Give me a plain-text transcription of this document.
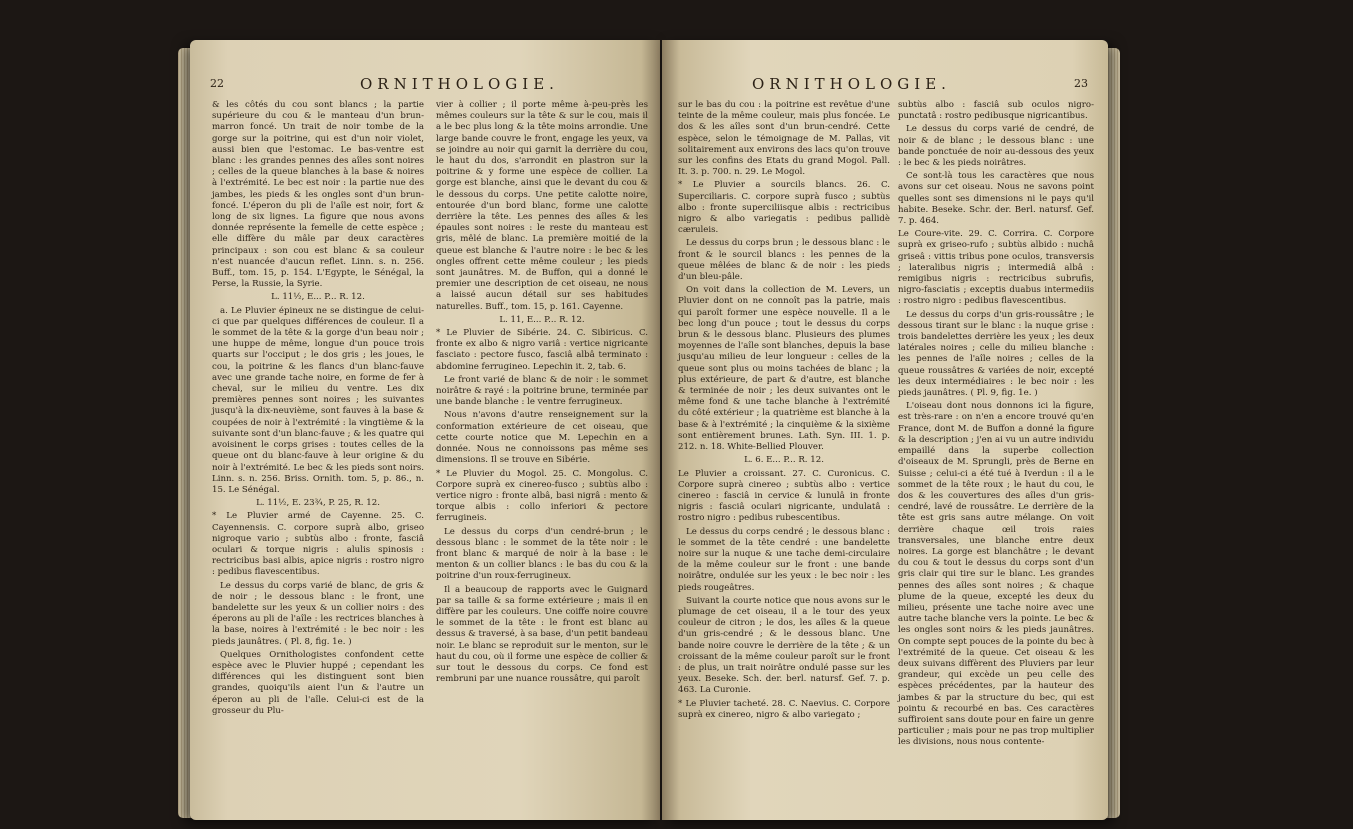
22	ORNITHOLOGIE.

& les côtés du cou sont blancs ; la partie supérieure du cou & le manteau d'un brun-marron foncé. Un trait de noir tombe de la gorge sur la poitrine, qui est d'un noir violet, aussi bien que l'estomac. Le bas-ventre est blanc : les grandes pennes des aîles sont noires ; celles de la queue blanches à la base & noires à l'extrémité. Le bec est noir : la partie nue des jambes, les pieds & les ongles sont d'un brun-foncé. L'éperon du pli de l'aîle est noir, fort & long de six lignes. La figure que nous avons donnée représente la femelle de cette espèce ; elle diffère du mâle par deux caractères principaux : son cou est blanc & sa couleur n'est nuancée d'aucun reflet. Linn. s. n. 256. Buff., tom. 15, p. 154. L'Egypte, le Sénégal, la Perse, la Russie, la Syrie.

L. 11½, E... P... R. 12.

a. Le Pluvier épineux ne se distingue de celui-ci que par quelques différences de couleur. Il a le sommet de la tête & la gorge d'un beau noir ; une huppe de même, longue d'un pouce trois quarts sur l'occiput ; le dos gris ; les joues, le cou, la poitrine & les flancs d'un blanc-fauve avec une grande tache noire, en forme de fer à cheval, sur le milieu du ventre. Les dix premières pennes sont noires ; les suivantes jusqu'à la dix-neuvième, sont fauves à la base & coupées de noir à l'extrémité : la vingtième & la suivante sont d'un blanc-fauve ; & les quatre qui avoisinent le corps grises : toutes celles de la queue ont du blanc-fauve à leur origine & du noir à l'extrémité. Le bec & les pieds sont noirs. Linn. s. n. 256. Briss. Ornith. tom. 5, p. 86., n. 15. Le Sénégal.

L. 11½, E. 23¾, P. 25, R. 12.

* Le Pluvier armé de Cayenne. 25. C. Cayennensis. C. corpore suprà albo, griseo nigroque vario ; subtùs albo : fronte, fasciâ oculari & torque nigris : alulis spinosis : rectricibus basi albis, apice nigris : rostro nigro : pedibus flavescentibus.

Le dessus du corps varié de blanc, de gris & de noir ; le dessous blanc : le front, une bandelette sur les yeux & un collier noirs : des éperons au pli de l'aîle : les rectrices blanches à la base, noires à l'extrémité : le bec noir : les pieds jaunâtres. ( Pl. 8, fig. 1e. )

Quelques Ornithologistes confondent cette espèce avec le Pluvier huppé ; cependant les différences qui les distinguent sont bien grandes, quoiqu'ils aient l'un & l'autre un éperon au pli de l'aîle. Celui-ci est de la grosseur du Plu-

vier à collier ; il porte même à-peu-près les mêmes couleurs sur la tête & sur le cou, mais il a le bec plus long & la tête moins arrondie. Une large bande couvre le front, engage les yeux, va se joindre au noir qui garnit la derrière du cou, le haut du dos, s'arrondit en plastron sur la poitrine & y forme une espèce de collier. La gorge est blanche, ainsi que le devant du cou & le dessous du corps. Une petite calotte noire, entourée d'un bord blanc, forme une calotte derrière la tête. Les pennes des aîles & les épaules sont noires : le reste du manteau est gris, mêlé de blanc. La première moitié de la queue est blanche & l'autre noire : le bec & les ongles offrent cette même couleur ; les pieds sont jaunâtres. M. de Buffon, qui a donné le premier une description de cet oiseau, ne nous a laissé aucun détail sur ses habitudes naturelles. Buff., tom. 15, p. 161. Cayenne.

L. 11, E... P... R. 12.

* Le Pluvier de Sibérie. 24. C. Sibiricus. C. fronte ex albo & nigro variâ : vertice nigricante fasciato : pectore fusco, fasciâ albâ terminato : abdomine ferrugineo. Lepechin it. 2, tab. 6.

Le front varié de blanc & de noir : le sommet noirâtre & rayé : la poitrine brune, terminée par une bande blanche : le ventre ferrugineux.

Nous n'avons d'autre renseignement sur la conformation extérieure de cet oiseau, que cette courte notice que M. Lepechin en a donnée. Nous ne connoissons pas même ses dimensions. Il se trouve en Sibérie.

* Le Pluvier du Mogol. 25. C. Mongolus. C. Corpore suprà ex cinereo-fusco ; subtùs albo : vertice nigro : fronte albâ, basi nigrâ : mento & torque albis : collo inferiori & pectore ferrugineis.

Le dessus du corps d'un cendré-brun ; le dessous blanc : le sommet de la tête noir : le front blanc & marqué de noir à la base : le menton & un collier blancs : le bas du cou & la poitrine d'un roux-ferrugineux.

Il a beaucoup de rapports avec le Guignard par sa taille & sa forme extérieure ; mais il en diffère par les couleurs. Une coiffe noire couvre le sommet de la tête : le front est blanc au dessus & traversé, à sa base, d'un petit bandeau noir. Le blanc se reproduit sur le menton, sur le haut du cou, où il forme une espèce de collier & sur tout le dessous du corps. Ce fond est rembruni par une nuance roussâtre, qui paroît

ORNITHOLOGIE.	23

sur le bas du cou : la poitrine est revêtue d'une teinte de la même couleur, mais plus foncée. Le dos & les aîles sont d'un brun-cendré. Cette espèce, selon le témoignage de M. Pallas, vit solitairement aux environs des lacs qu'on trouve sur les confins des Etats du grand Mogol. Pall. It. 3. p. 700. n. 29. Le Mogol.

* Le Pluvier a sourcils blancs. 26. C. Superciliaris. C. corpore suprà fusco ; subtùs albo : fronte superciliisque albis : rectricibus nigro & albo variegatis : pedibus pallidè cæruleis.

Le dessus du corps brun ; le dessous blanc : le front & le sourcil blancs : les pennes de la queue mêlées de blanc & de noir : les pieds d'un bleu-pâle.

On voit dans la collection de M. Levers, un Pluvier dont on ne connoît pas la patrie, mais qui paroît former une espèce nouvelle. Il a le bec long d'un pouce ; tout le dessus du corps brun & le dessous blanc. Plusieurs des plumes moyennes de l'aîle sont blanches, depuis la base jusqu'au milieu de leur longueur : celles de la queue sont plus ou moins tachées de blanc ; la plus extérieure, de part & d'autre, est blanche & terminée de noir ; les deux suivantes ont le même fond & une tache blanche à l'extrémité du côté extérieur ; la quatrième est blanche à la base & à l'extrémité ; la cinquième & la sixième sont entièrement brunes. Lath. Syn. III. 1. p. 212. n. 18. White-Bellied Plouver.

L. 6. E... P... R. 12.

Le Pluvier a croissant. 27. C. Curonicus. C. Corpore suprà cinereo ; subtùs albo : vertice cinereo : fasciâ in cervice & lunulâ in fronte nigris : fasciâ oculari nigricante, undulatâ : rostro nigro : pedibus rubescentibus.

Le dessus du corps cendré ; le dessous blanc : le sommet de la tête cendré : une bandelette noire sur la nuque & une tache demi-circulaire de la même couleur sur le front : une bande noirâtre, ondulée sur les yeux : le bec noir : les pieds rougeâtres.

Suivant la courte notice que nous avons sur le plumage de cet oiseau, il a le tour des yeux couleur de citron ; le dos, les aîles & la queue d'un gris-cendré ; & le dessous blanc. Une bande noire couvre le derrière de la tête ; & un croissant de la même couleur paroît sur le front : de plus, un trait noirâtre ondulé passe sur les yeux. Beseke. Sch. der. berl. natursf. Gef. 7. p. 463. La Curonie.

* Le Pluvier tacheté. 28. C. Naevius. C. Corpore suprà ex cinereo, nigro & albo variegato ;

subtùs albo : fasciâ sub oculos nigro-punctatâ : rostro pedibusque nigricantibus.

Le dessus du corps varié de cendré, de noir & de blanc ; le dessous blanc : une bande ponctuée de noir au-dessous des yeux : le bec & les pieds noirâtres.

Ce sont-là tous les caractères que nous avons sur cet oiseau. Nous ne savons point quelles sont ses dimensions ni le pays qu'il habite. Beseke. Schr. der. Berl. natursf. Gef. 7. p. 464.

Le Coure-vite. 29. C. Corrira. C. Corpore suprà ex griseo-rufo ; subtùs albido : nuchâ griseâ : vittis tribus pone oculos, transversis ; lateralibus nigris ; intermediâ albâ : remigibus nigris : rectricibus subrufis, nigro-fasciatis ; exceptis duabus intermediis : rostro nigro : pedibus flavescentibus.

Le dessus du corps d'un gris-roussâtre ; le dessous tirant sur le blanc : la nuque grise : trois bandelettes derrière les yeux ; les deux latérales noires ; celle du milieu blanche : les pennes de l'aîle noires ; celles de la queue roussâtres & variées de noir, excepté les deux intermédiaires : le bec noir : les pieds jaunâtres. ( Pl. 9, fig. 1e. )

L'oiseau dont nous donnons ici la figure, est très-rare : on n'en a encore trouvé qu'en France, dont M. de Buffon a donné la figure & la description ; j'en ai vu un autre individu empaillé dans la superbe collection d'oiseaux de M. Sprungli, près de Berne en Suisse ; celui-ci a été tué à Iverdun : il a le sommet de la tête roux ; le haut du cou, le dos & les couvertures des aîles d'un gris-cendré, lavé de roussâtre. Le derrière de la tête est gris sans autre mélange. On voit derrière chaque œil trois raies transversales, une blanche entre deux noires. La gorge est blanchâtre ; le devant du cou & tout le dessus du corps sont d'un gris clair qui tire sur le blanc. Les grandes pennes des aîles sont noires ; & chaque plume de la queue, excepté les deux du milieu, présente une tache noire avec une autre tache blanche vers la pointe. Le bec & les ongles sont noirs & les pieds jaunâtres. On compte sept pouces de la pointe du bec à l'extrémité de la queue. Cet oiseau & les deux suivans diffèrent des Pluviers par leur grandeur, qui excède un peu celle des espèces précédentes, par la hauteur des jambes & par la structure du bec, qui est pointu & recourbé en bas. Ces caractères suffiroient sans doute pour en faire un genre particulier ; mais pour ne pas trop multiplier les divisions, nous nous contente-
